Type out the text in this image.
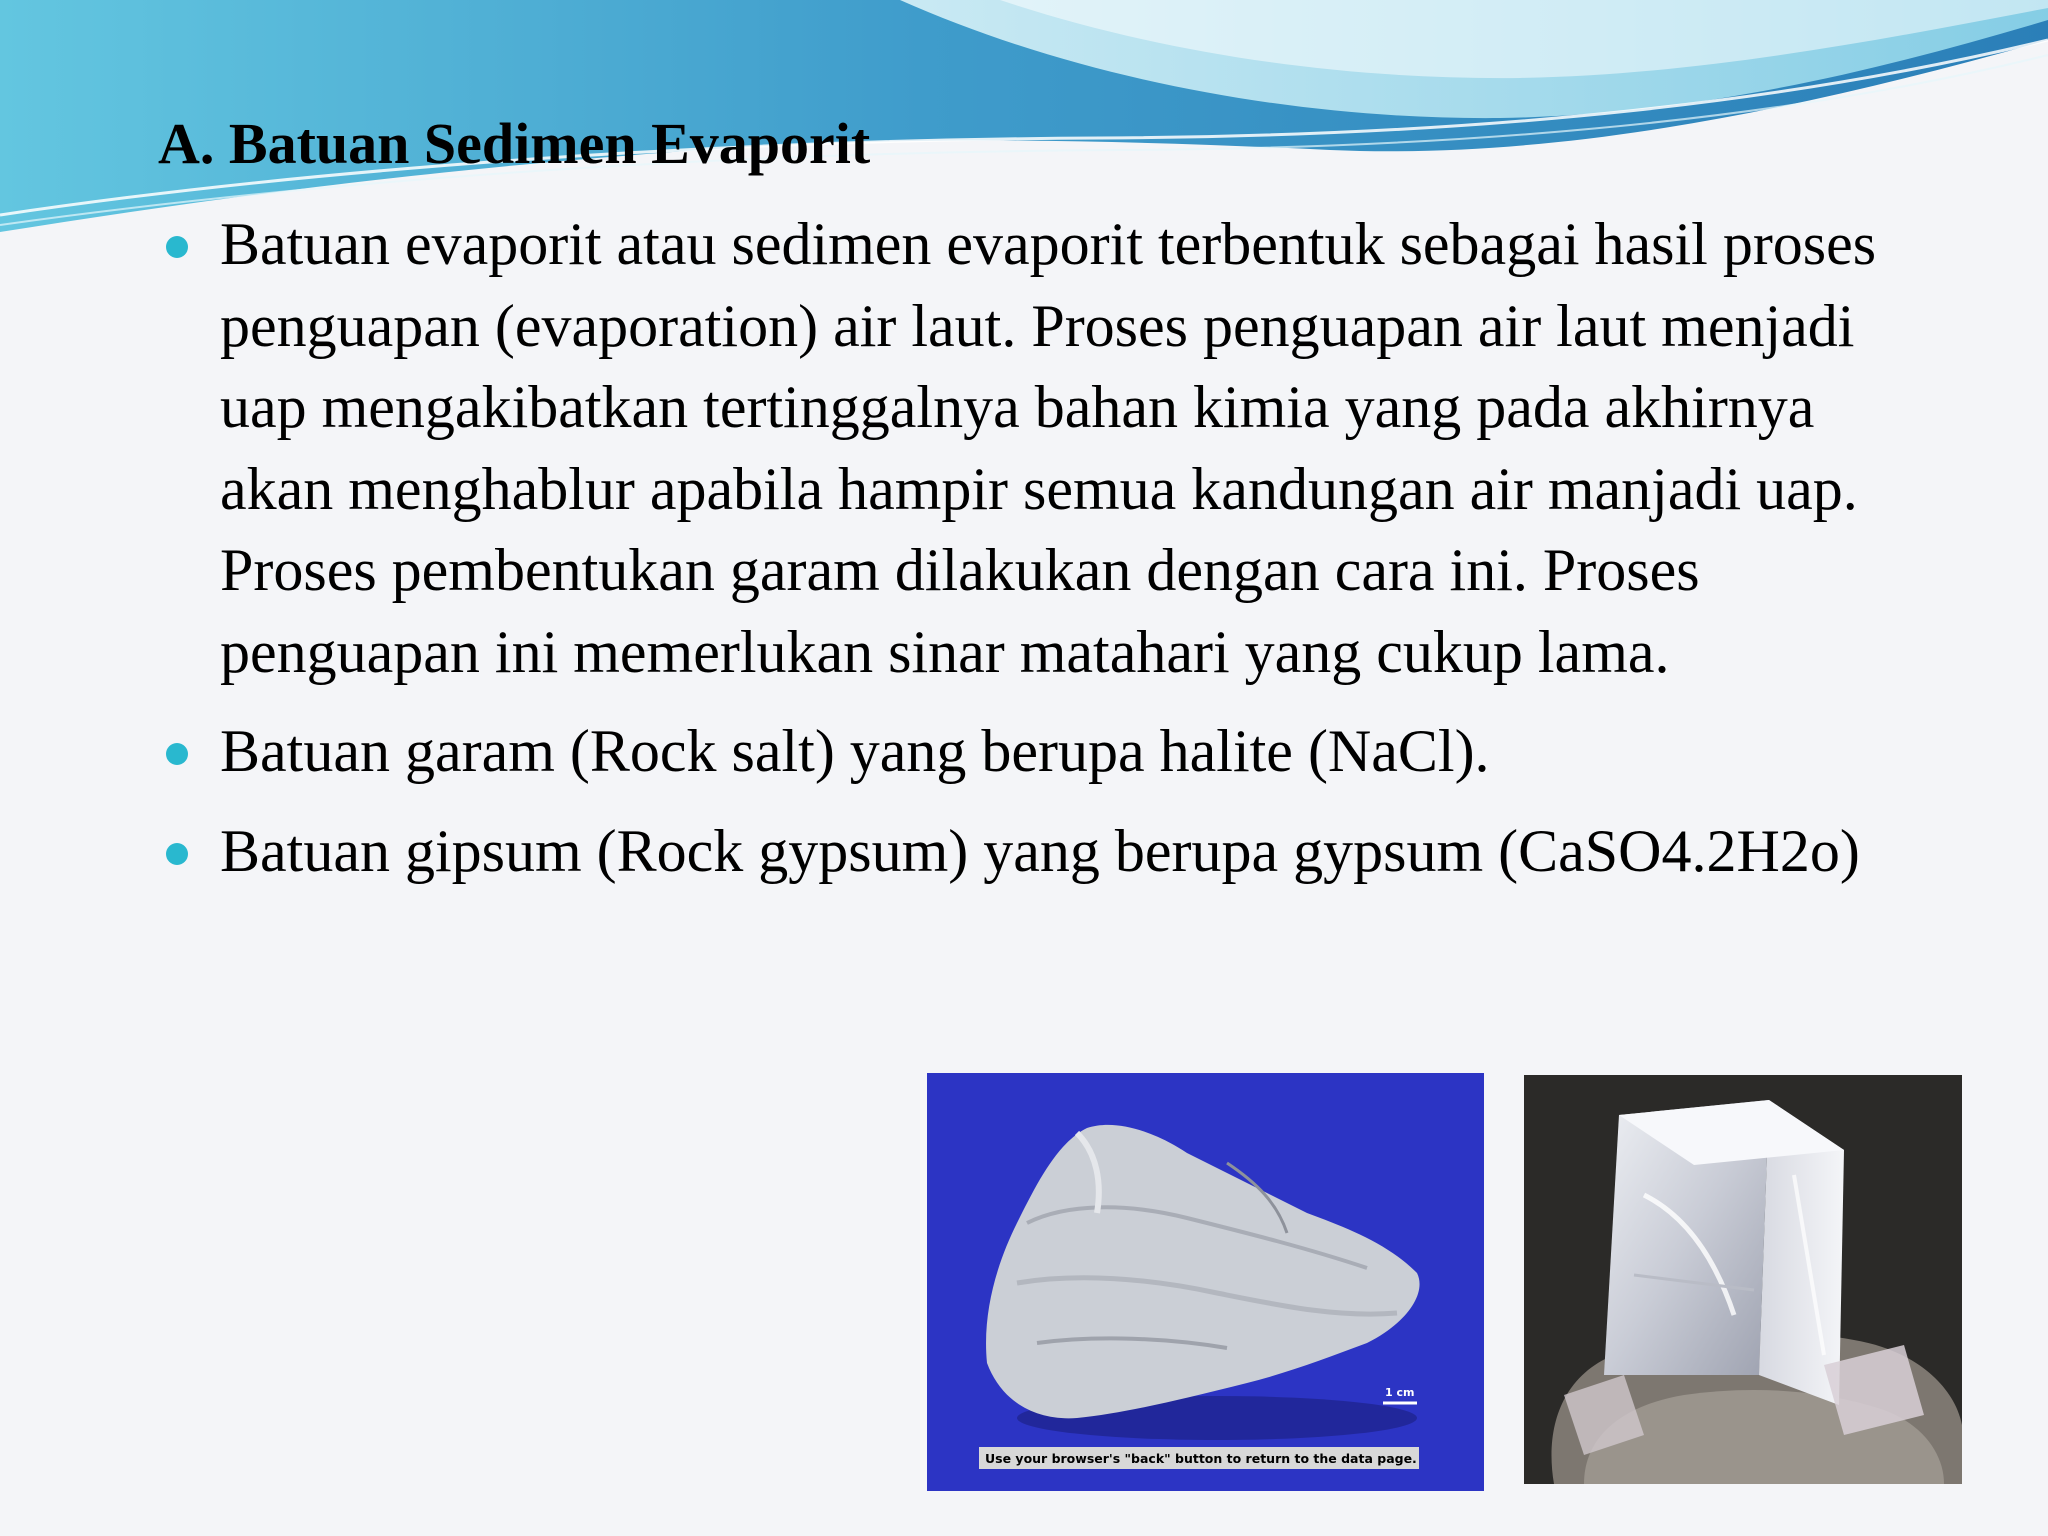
A. Batuan Sedimen Evaporit
Batuan evaporit atau sedimen evaporit terbentuk sebagai hasil proses penguapan (evaporation) air laut. Proses penguapan air laut menjadi uap mengakibatkan tertinggalnya bahan kimia yang pada akhirnya akan menghablur apabila hampir semua kandungan air manjadi uap. Proses pembentukan garam dilakukan dengan cara ini. Proses penguapan ini memerlukan sinar matahari yang cukup lama.
Batuan garam (Rock salt) yang berupa halite (NaCl).
Batuan gipsum (Rock gypsum) yang berupa gypsum (CaSO4.2H2o)
1 cm
Use your browser's "back" button to return to the data page.
